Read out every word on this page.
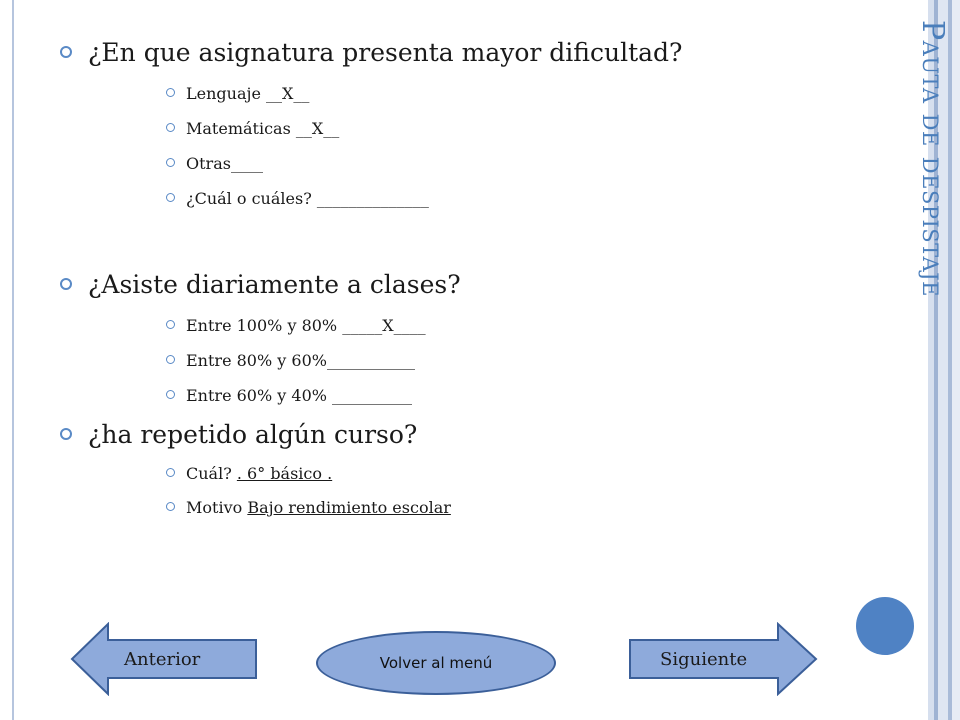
Pauta de despistaje
¿En que asignatura presenta mayor dificultad?
Lenguaje __X__
Matemáticas __X__
Otras____
¿Cuál o cuáles? ______________
¿Asiste diariamente a clases?
Entre 100% y 80% _____X____
Entre 80% y 60%___________
Entre 60% y 40% __________
¿ha repetido algún curso?
Cuál? . 6° básico .
Motivo Bajo rendimiento escolar
Anterior	Volver al menú	Siguiente
